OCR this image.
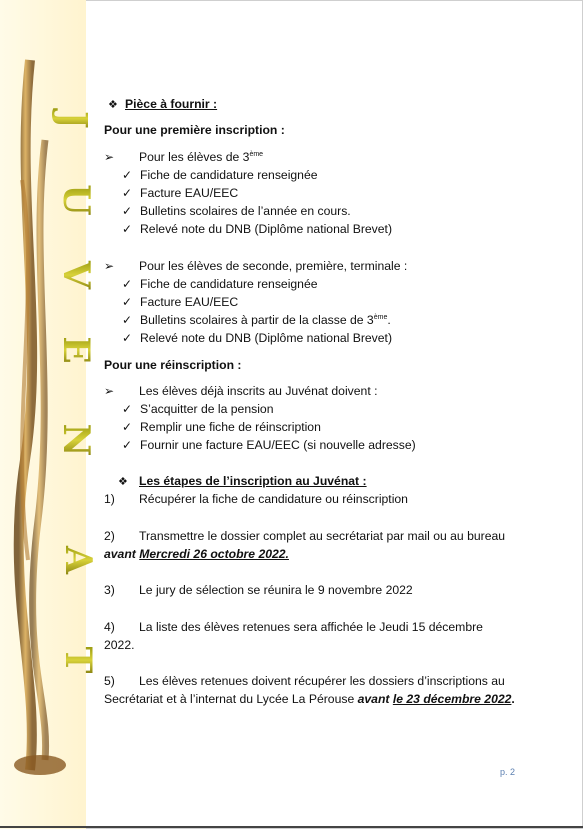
J
U
V
E
N
A
T
❖ Pièce à fournir :
Pour une première inscription :
➢ Pour les élèves de 3ème
✓ Fiche de candidature renseignée
✓ Facture EAU/EEC
✓ Bulletins scolaires de l’année en cours.
✓ Relevé note du DNB (Diplôme national Brevet)
➢ Pour les élèves de seconde, première, terminale :
✓ Fiche de candidature renseignée
✓ Facture EAU/EEC
✓ Bulletins scolaires à partir de la classe de 3ème.
✓ Relevé note du DNB (Diplôme national Brevet)
Pour une réinscription :
➢ Les élèves déjà inscrits au Juvénat doivent :
✓ S’acquitter de la pension
✓ Remplir une fiche de réinscription
✓ Fournir une facture EAU/EEC (si nouvelle adresse)
❖ Les étapes de l’inscription au Juvénat :
1) Récupérer la fiche de candidature ou réinscription
2) Transmettre le dossier complet au secrétariat par mail ou au bureau
avant Mercredi 26 octobre 2022.
3) Le jury de sélection se réunira le 9 novembre 2022
4) La liste des élèves retenues sera affichée le Jeudi 15 décembre
2022.
5) Les élèves retenues doivent récupérer les dossiers d’inscriptions au
Secrétariat et à l’internat du Lycée La Pérouse avant le 23 décembre 2022.
p. 2
